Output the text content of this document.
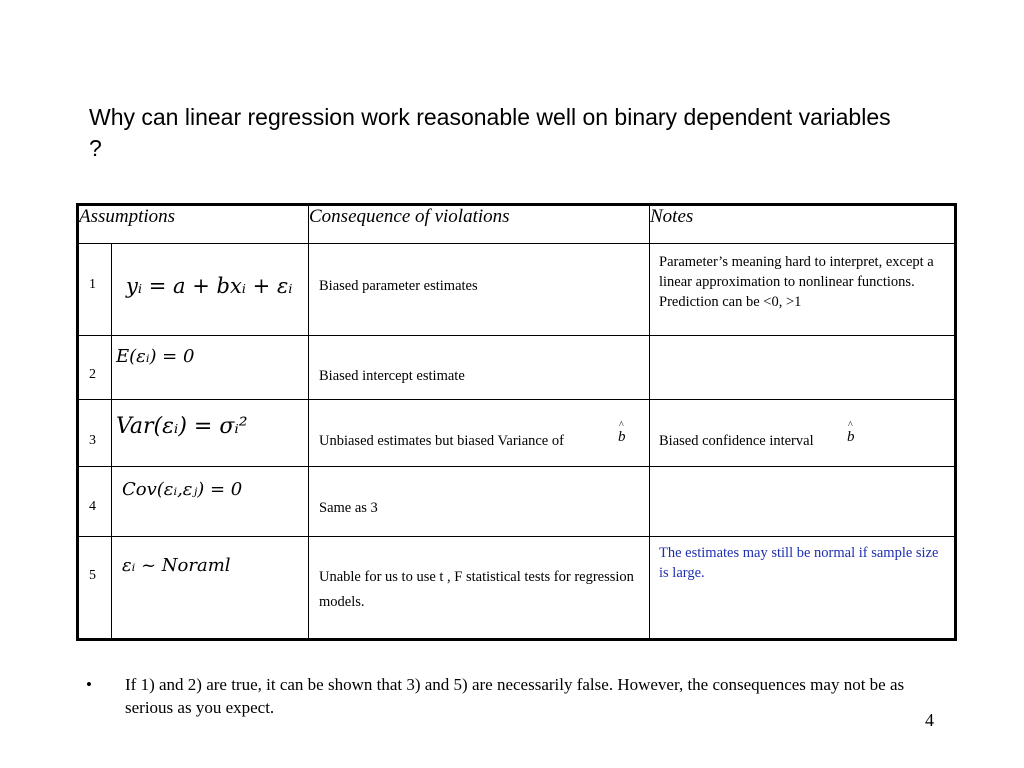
Why can linear regression work reasonable well on binary dependent variables ?
Assumptions		Consequence of violations	Notes

1	yᵢ = a + bxᵢ + εᵢ	Biased parameter estimates	Parameter’s meaning hard to interpret, except a linear approximation to nonlinear functions. Prediction can be <0, >1

2	E(εᵢ) = 0	Biased intercept estimate	

3	Var(εᵢ) = σᵢ²	Unbiased estimates but biased Variance of ^ b	Biased confidence interval ^ b

4	Cov(εᵢ,εⱼ) = 0	Same as 3	

5	εᵢ ~ Noraml	Unable for us to use t , F statistical tests for regression models.	The estimates may still be normal if sample size is large.
• If 1) and 2) are true, it can be shown that 3) and 5) are necessarily false. However, the consequences may not be as serious as you expect.
4
